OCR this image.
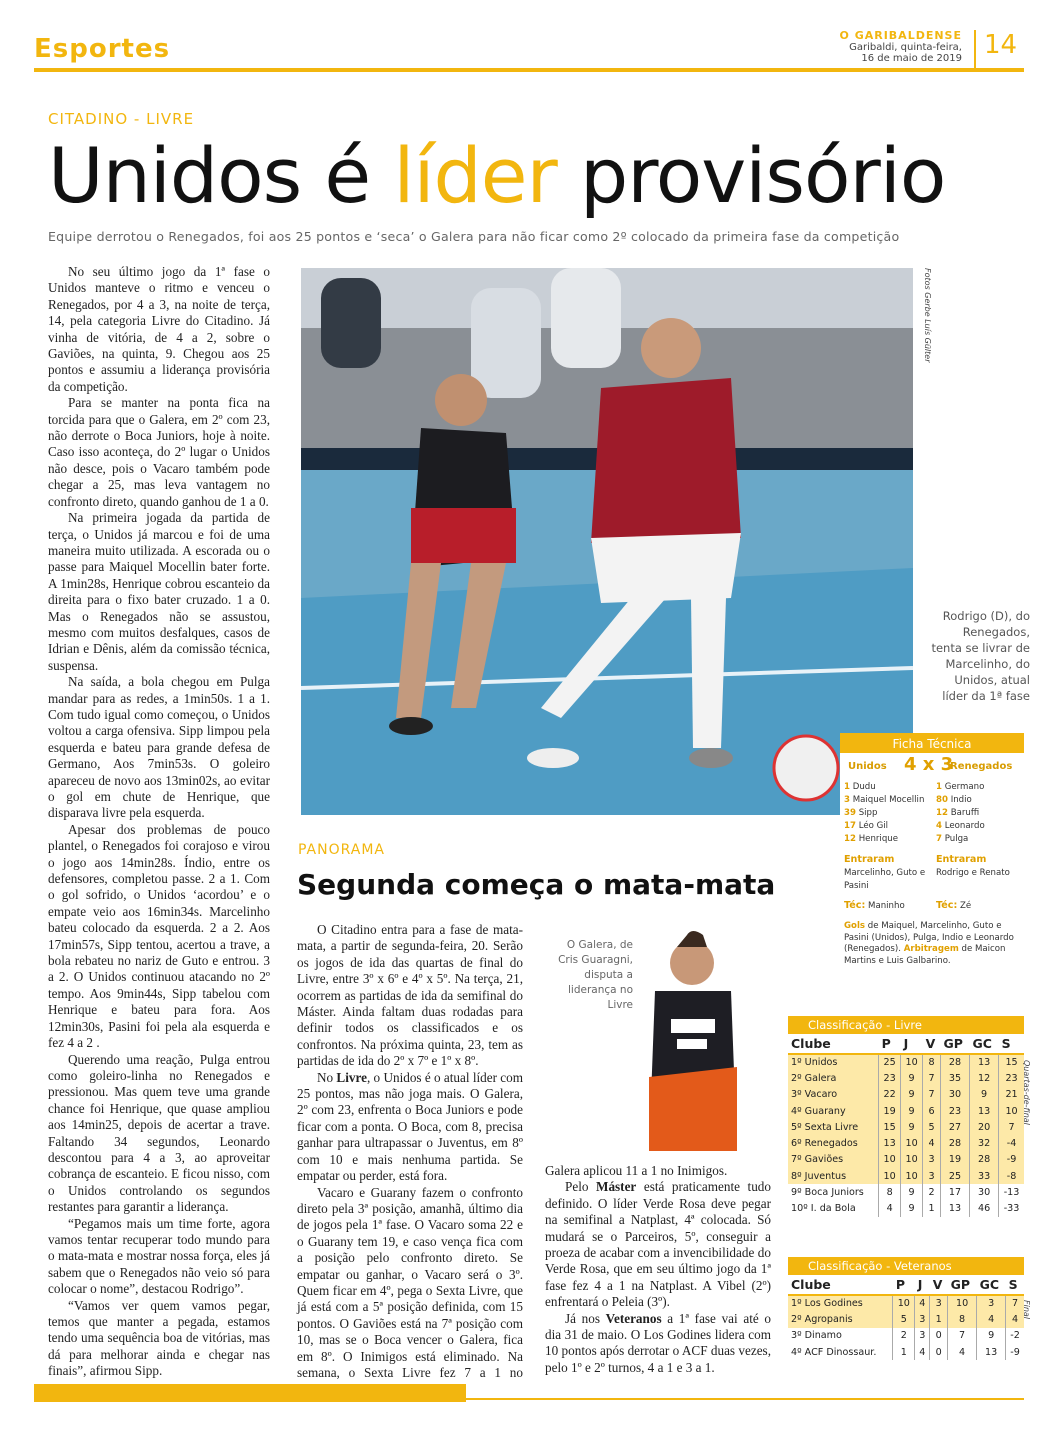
Esportes	O GARIBALDENSE
Garibaldi, quinta-feira,
16 de maio de 2019 14
CITADINO - LIVRE
Unidos é líder provisório
Equipe derrotou o Renegados, foi aos 25 pontos e ‘seca’ o Galera para não ficar como 2º colocado da primeira fase da competição

No seu último jogo da 1ª fase o Unidos manteve o ritmo e venceu o Renegados, por 4 a 3, na noite de terça, 14, pela categoria Livre do Citadino. Já vinha de vitória, de 4 a 2, sobre o Gaviões, na quinta, 9. Chegou aos 25 pontos e assumiu a liderança provisória da competição.

Para se manter na ponta fica na torcida para que o Galera, em 2º com 23, não derrote o Boca Juniors, hoje à noite. Caso isso aconteça, do 2º lugar o Unidos não desce, pois o Vacaro também pode chegar a 25, mas leva vantagem no confronto direto, quando ganhou de 1 a 0.

Na primeira jogada da partida de terça, o Unidos já marcou e foi de uma maneira muito utilizada. A escorada ou o passe para Maiquel Mocellin bater forte. A 1min28s, Henrique cobrou escanteio da direita para o fixo bater cruzado. 1 a 0. Mas o Renegados não se assustou, mesmo com muitos desfalques, casos de Idrian e Dênis, além da comissão técnica, suspensa.

Na saída, a bola chegou em Pulga mandar para as redes, a 1min50s. 1 a 1. Com tudo igual como começou, o Unidos voltou a carga ofensiva. Sipp limpou pela esquerda e bateu para grande defesa de Germano, Aos 7min53s. O goleiro apareceu de novo aos 13min02s, ao evitar o gol em chute de Henrique, que disparava livre pela esquerda.

Apesar dos problemas de pouco plantel, o Renegados foi corajoso e virou o jogo aos 14min28s. Índio, entre os defensores, completou passe. 2 a 1. Com o gol sofrido, o Unidos ‘acordou’ e o empate veio aos 16min34s. Marcelinho bateu colocado da esquerda. 2 a 2. Aos 17min57s, Sipp tentou, acertou a trave, a bola rebateu no nariz de Guto e entrou. 3 a 2. O Unidos continuou atacando no 2º tempo. Aos 9min44s, Sipp tabelou com Henrique e bateu para fora. Aos 12min30s, Pasini foi pela ala esquerda e fez 4 a 2 .

Querendo uma reação, Pulga entrou como goleiro-linha no Renegados e pressionou. Mas quem teve uma grande chance foi Henrique, que quase ampliou aos 14min25, depois de acertar a trave. Faltando 34 segundos, Leonardo descontou para 4 a 3, ao aproveitar cobrança de escanteio. E ficou nisso, com o Unidos controlando os segundos restantes para garantir a liderança.

“Pegamos mais um time forte, agora vamos tentar recuperar todo mundo para o mata-mata e mostrar nossa força, eles já sabem que o Renegados não veio só para colocar o nome”, destacou Rodrigo”.

“Vamos ver quem vamos pegar, temos que manter a pegada, estamos tendo uma sequência boa de vitórias, mas dá para melhorar ainda e chegar nas finais”, afirmou Sipp.

Fotos Gerbe Luís Gülter
Rodrigo (D), do Renegados, tenta se livrar de Marcelinho, do Unidos, atual líder da 1ª fase
Ficha Técnica
Unidos 4 x 3
Renegados
1 Dudu
3 Maiquel Mocellin
39 Sipp
17 Léo Gil
12 Henrique
1 Germano
80 Indio
12 Baruffi
4 Leonardo
7 Pulga
Entraram
Marcelinho, Guto e Pasini
Entraram
Rodrigo e Renato
Téc: Maninho	Téc: Zé
Gols de Maiquel, Marcelinho, Guto e Pasini (Unidos), Pulga, Indio e Leonardo (Renegados). Arbitragem de Maicon Martins e Luis Galbarino.
PANORAMA
Segunda começa o mata-mata

O Citadino entra para a fase de mata-mata, a partir de segunda-feira, 20. Serão os jogos de ida das quartas de final do Livre, entre 3º x 6º e 4º x 5º. Na terça, 21, ocorrem as partidas de ida da semifinal do Máster. Ainda faltam duas rodadas para definir todos os classificados e os confrontos. Na próxima quinta, 23, tem as partidas de ida do 2º x 7º e 1º x 8º.

No Livre, o Unidos é o atual líder com 25 pontos, mas não joga mais. O Galera, 2º com 23, enfrenta o Boca Juniors e pode ficar com a ponta. O Boca, com 8, precisa ganhar para ultrapassar o Juventus, em 8º com 10 e mais nenhuma partida. Se empatar ou perder, está fora.

Vacaro e Guarany fazem o confronto direto pela 3ª posição, amanhã, último dia de jogos pela 1ª fase. O Vacaro soma 22 e o Guarany tem 19, e caso vença fica com a posição pelo confronto direto. Se empatar ou ganhar, o Vacaro será o 3º. Quem ficar em 4º, pega o Sexta Livre, que já está com a 5ª posição definida, com 15 pontos. O Gaviões está na 7ª posição com 10, mas se o Boca vencer o Galera, fica em 8º. O Inimigos está eliminado. Na semana, o Sexta Livre fez 7 a 1 no

O Galera, de Cris Guaragni, disputa a liderança no Livre

Galera aplicou 11 a 1 no Inimigos.

Pelo Máster está praticamente tudo definido. O líder Verde Rosa deve pegar na semifinal a Natplast, 4ª colocada. Só mudará se o Parceiros, 5º, conseguir a proeza de acabar com a invencibilidade do Verde Rosa, que em seu último jogo da 1ª fase fez 4 a 1 na Natplast. A Vibel (2º) enfrentará o Peleia (3º).

Já nos Veteranos a 1ª fase vai até o dia 31 de maio. O Los Godines lidera com 10 pontos após derrotar o ACF duas vezes, pelo 1º e 2º turnos, 4 a 1 e 3 a 1.

Classificação - Livre
Clube	P	J	V	GP	GC	S
1º Unidos	25	10	8	28	13	15
2º Galera	23	9	7	35	12	23
3º Vacaro	22	9	7	30	9	21
4º Guarany	19	9	6	23	13	10
5º Sexta Livre	15	9	5	27	20	7
6º Renegados	13	10	4	28	32	-4
7º Gaviões	10	10	3	19	28	-9
8º Juventus	10	10	3	25	33	-8
9º Boca Juniors	8	9	2	17	30	-13
10º I. da Bola	4	9	1	13	46	-33
Quartas-de-final
Classificação - Veteranos
Clube	P	J	V	GP	GC	S
1º Los Godines	10	4	3	10	3	7
2º Agropanis	5	3	1	8	4	4
3º Dinamo	2	3	0	7	9	-2
4º ACF Dinossaur.	1	4	0	4	13	-9
Final
